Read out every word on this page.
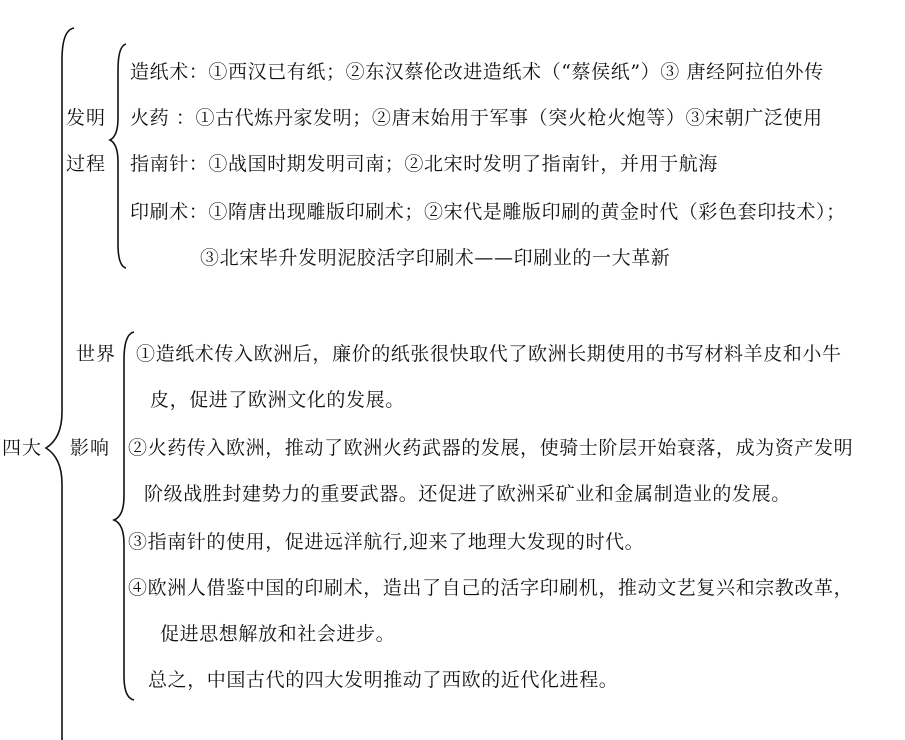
四大
发明
过程
造纸术：①西汉已有纸；②东汉蔡伦改进造纸术（“蔡侯纸”）③ 唐经阿拉伯外传
火药 ：①古代炼丹家发明；②唐末始用于军事（突火枪火炮等）③宋朝广泛使用
指南针：①战国时期发明司南；②北宋时发明了指南针，并用于航海
印刷术：①隋唐出现雕版印刷术；②宋代是雕版印刷的黄金时代（彩色套印技术）；
③北宋毕升发明泥胶活字印刷术——印刷业的一大革新
世界
影响
①造纸术传入欧洲后，廉价的纸张很快取代了欧洲长期使用的书写材料羊皮和小牛
皮，促进了欧洲文化的发展。
②火药传入欧洲，推动了欧洲火药武器的发展，使骑士阶层开始衰落，成为资产发明
阶级战胜封建势力的重要武器。还促进了欧洲采矿业和金属制造业的发展。
③指南针的使用，促进远洋航行,迎来了地理大发现的时代。
④欧洲人借鉴中国的印刷术，造出了自己的活字印刷机，推动文艺复兴和宗教改革，
促进思想解放和社会进步。
总之，中国古代的四大发明推动了西欧的近代化进程。
